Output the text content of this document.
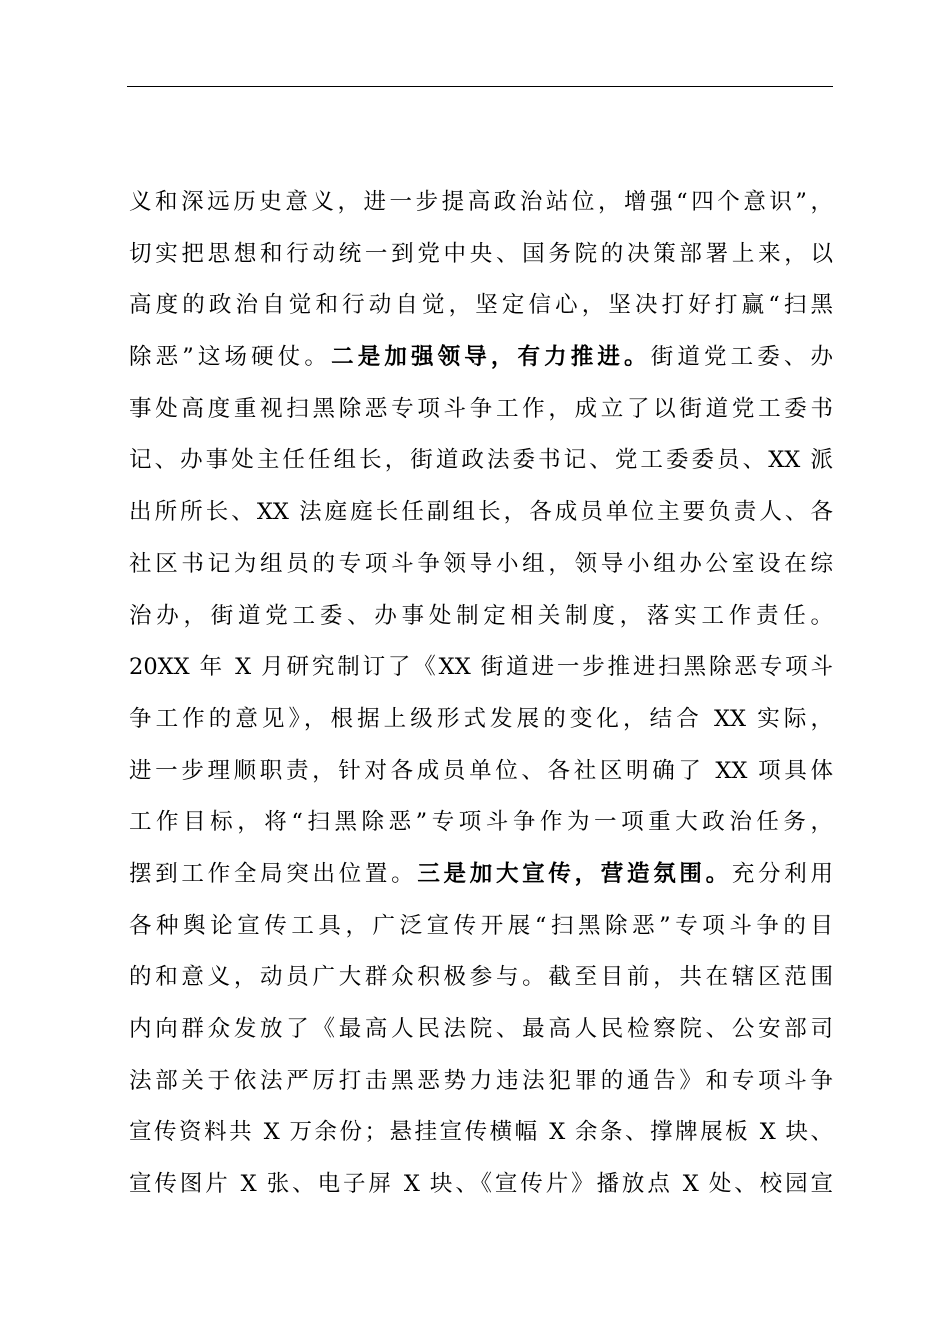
义和深远历史意义，进一步提高政治站位，增强“四个意识”，
切实把思想和行动统一到党中央、国务院的决策部署上来，以
高度的政治自觉和行动自觉，坚定信心，坚决打好打赢“扫黑
除恶”这场硬仗。二是加强领导，有力推进。街道党工委、办
事处高度重视扫黑除恶专项斗争工作，成立了以街道党工委书
记、办事处主任任组长，街道政法委书记、党工委委员、XX 派
出所所长、XX 法庭庭长任副组长，各成员单位主要负责人、各
社区书记为组员的专项斗争领导小组，领导小组办公室设在综
治办，街道党工委、办事处制定相关制度，落实工作责任。
20XX 年 X 月研究制订了《XX 街道进一步推进扫黑除恶专项斗
争工作的意见》，根据上级形式发展的变化，结合 XX 实际，
进一步理顺职责，针对各成员单位、各社区明确了 XX 项具体
工作目标，将“扫黑除恶”专项斗争作为一项重大政治任务，
摆到工作全局突出位置。三是加大宣传，营造氛围。充分利用
各种舆论宣传工具，广泛宣传开展“扫黑除恶”专项斗争的目
的和意义，动员广大群众积极参与。截至目前，共在辖区范围
内向群众发放了《最高人民法院、最高人民检察院、公安部司
法部关于依法严厉打击黑恶势力违法犯罪的通告》和专项斗争
宣传资料共 X 万余份；悬挂宣传横幅 X 余条、撑牌展板 X 块、
宣传图片 X 张、电子屏 X 块、《宣传片》播放点 X 处、校园宣
